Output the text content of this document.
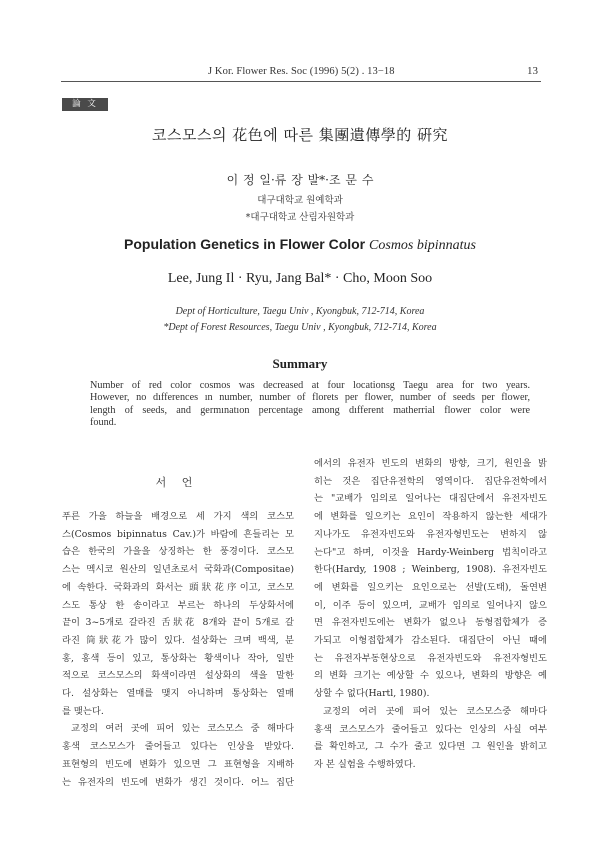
J Kor. Flower Res. Soc (1996) 5(2) . 13−18	13
論 文
코스모스의 花色에 따른 集團遺傳學的 硏究
이 정 일·류 장 발*·조 문 수
대구대학교 원예학과
*대구대학교 산림자원학과
Population Genetics in Flower Color Cosmos bipinnatus
Lee, Jung Il · Ryu, Jang Bal* · Cho, Moon Soo
Dept of Horticulture, Taegu Univ , Kyongbuk, 712-714, Korea
*Dept of Forest Resources, Taegu Univ , Kyongbuk, 712-714, Korea
Summary
Number of red color cosmos was decreased at four locationsg Taegu area for two years.
However, no dıfferences ın number, number of florets per flower, number of seeds per flower,
length of seeds, and germınatıon percentage among dıfferent matherrial flower color were
found.
서 언
푸른 가을 하늘을 배경으로 세 가지 색의 코스모
스(Cosmos bipinnatus Cav.)가 바람에 흔들리는 모
습은 한국의 가을을 상징하는 한 풍경이다. 코스모
스는 멕시코 원산의 일년초로서 국화과(Compositae)
에 속한다. 국화과의 화서는 頭狀花序이고, 코스모
스도 통상 한 송이라고 부르는 하나의 두상화서에
끝이 3~5개로 갈라진 舌狀花 8개와 끝이 5개로 갈
라진 筒狀花가 많이 있다. 설상화는 크며 백색, 분
홍, 홍색 등이 있고, 통상화는 황색이나 작아, 일반
적으로 코스모스의 화색이라면 설상화의 색을 말한
다. 설상화는 열매를 맺지 아니하며 통상화는 열매
를 맺는다.
교정의 여러 곳에 피어 있는 코스모스 중 해마다
홍색 코스모스가 줄어들고 있다는 인상을 받았다.
표현형의 빈도에 변화가 있으면 그 표현형을 지배하
는 유전자의 빈도에 변화가 생긴 것이다. 어느 집단
에서의 유전자 빈도의 변화의 방향, 크기, 원인을 밝
히는 것은 집단유전학의 영역이다. 집단유전학에서
는 "교배가 임의로 일어나는 대집단에서 유전자빈도
에 변화를 일으키는 요인이 작용하지 않는한 세대가
지나가도 유전자빈도와 유전자형빈도는 변하지 않
는다"고 하며, 이것을 Hardy-Weinberg 법칙이라고
한다(Hardy, 1908 ; Weinberg, 1908). 유전자빈도
에 변화를 일으키는 요인으로는 선발(도태), 돌연변
이, 이주 등이 있으며, 교배가 임의로 일어나지 않으
면 유전자빈도에는 변화가 없으나 동형접합체가 증
가되고 이형접합체가 감소된다. 대집단이 아닌 때에
는 유전자부동현상으로 유전자빈도와 유전자형빈도
의 변화 크기는 예상할 수 있으나, 변화의 방향은 예
상할 수 없다(Hartl, 1980).
교정의 여러 곳에 피어 있는 코스모스중 해마다
홍색 코스모스가 줄어들고 있다는 인상의 사실 여부
를 확인하고, 그 수가 줄고 있다면 그 원인을 밝히고
자 본 실험을 수행하였다.
